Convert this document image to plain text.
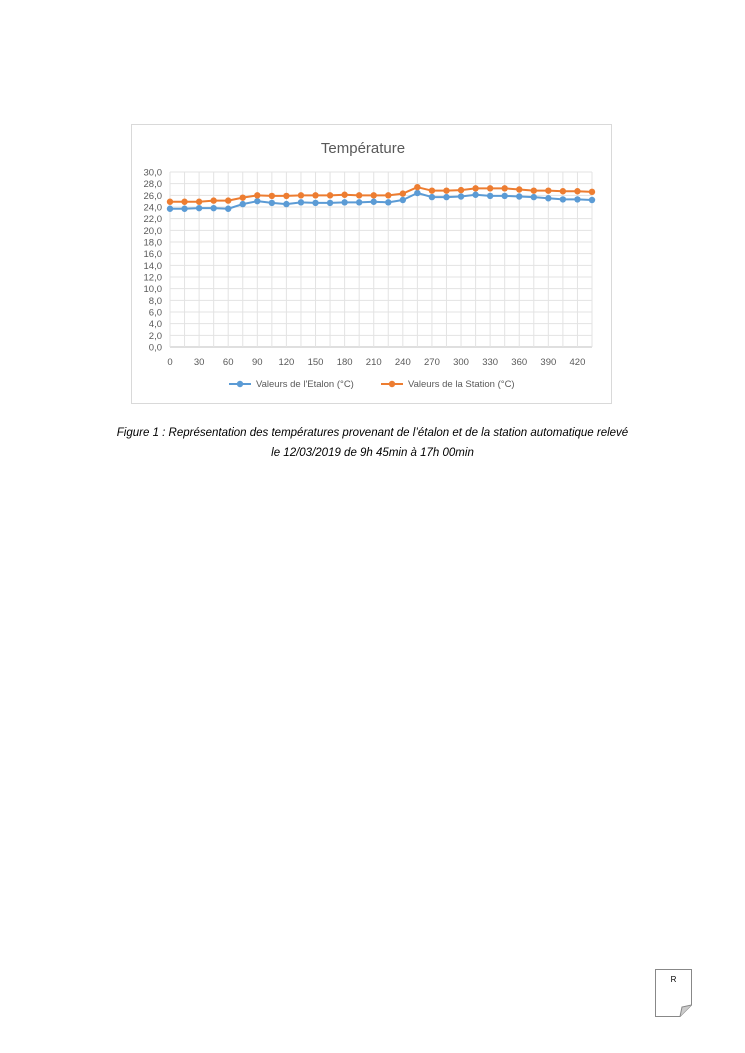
Température
0,0
2,0
4,0
6,0
8,0
10,0
12,0
14,0
16,0
18,0
20,0
22,0
24,0
26,0
28,0
30,0
0 30 60 90 120 150 180 210 240 270 300 330 360 390 420
Valeurs de l'Etalon (°C)	Valeurs de la Station (°C)
Figure 1 : Représentation des températures provenant de l’étalon et de la station automatique relevé
le 12/03/2019 de 9h 45min à 17h 00min
R
